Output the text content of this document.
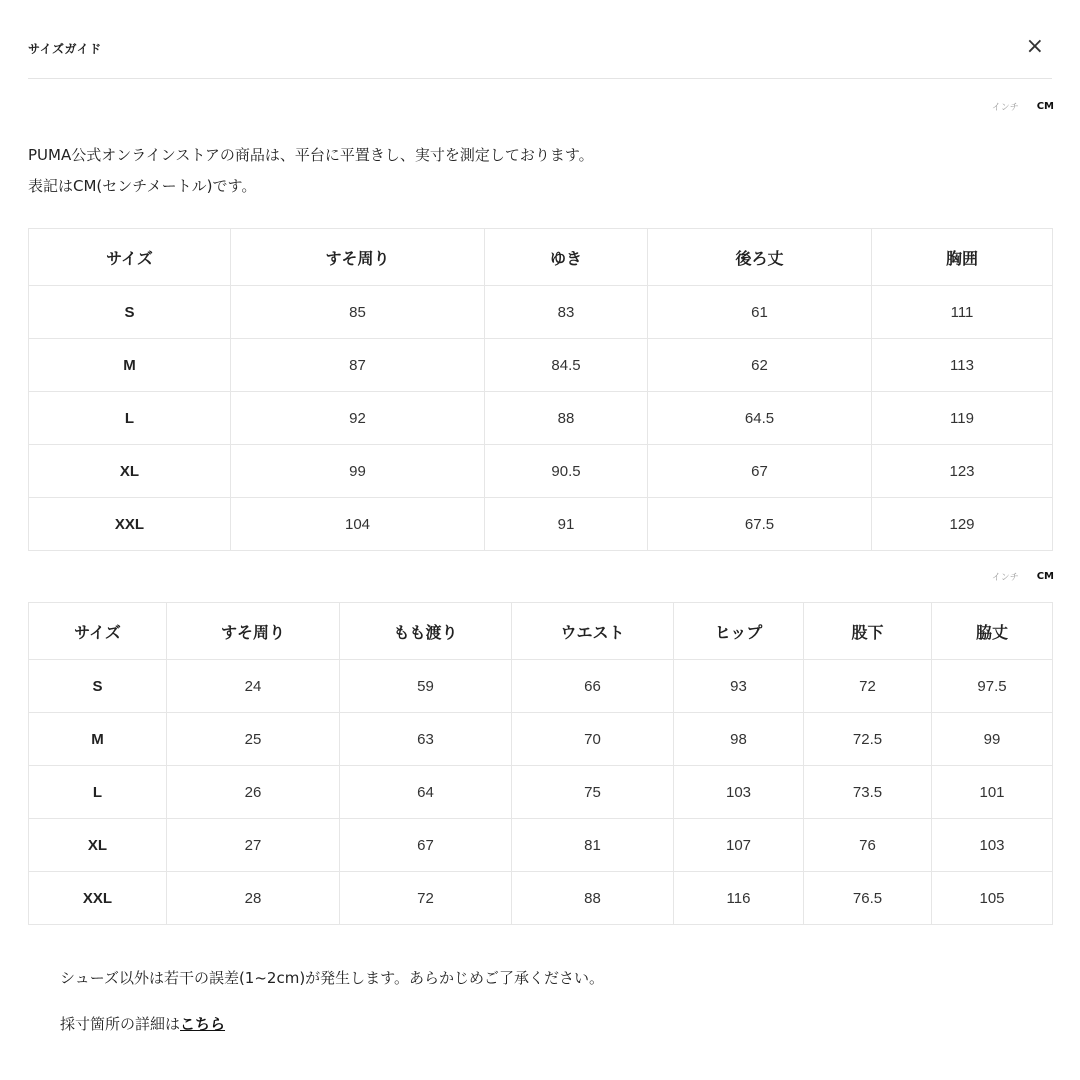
サイズガイド	×
インチ CM
PUMA公式オンラインストアの商品は、平台に平置きし、実寸を測定しております。
表記はCM(センチメートル)です。
サイズ	すそ周り	ゆき	後ろ丈	胸囲
S	85	83	61	111
M	87	84.5	62	113
L	92	88	64.5	119
XL	99	90.5	67	123
XXL	104	91	67.5	129
インチ CM
サイズ	すそ周り	もも渡り	ウエスト	ヒップ	股下	脇丈
S	24	59	66	93	72	97.5
M	25	63	70	98	72.5	99
L	26	64	75	103	73.5	101
XL	27	67	81	107	76	103
XXL	28	72	88	116	76.5	105
シューズ以外は若干の誤差(1~2cm)が発生します。あらかじめご了承ください。
採寸箇所の詳細はこちら
